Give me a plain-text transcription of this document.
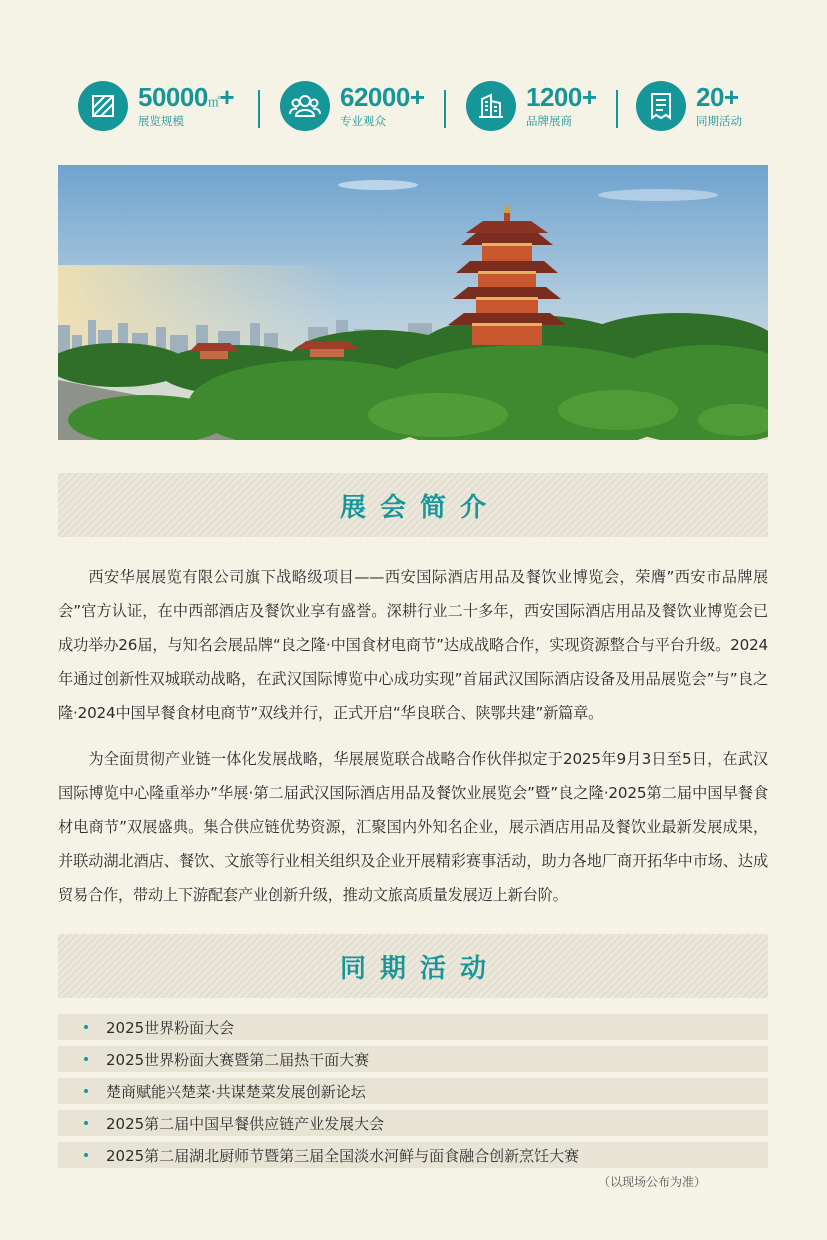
50000㎡+
展览规模
62000+
专业观众
1200+
品牌展商
20+
同期活动
展会简介

西安华展展览有限公司旗下战略级项目——西安国际酒店用品及餐饮业博览会，荣膺”西安市品牌展会”官方认证，在中西部酒店及餐饮业享有盛誉。深耕行业二十多年，西安国际酒店用品及餐饮业博览会已成功举办26届，与知名会展品牌“良之隆·中国食材电商节”达成战略合作，实现资源整合与平台升级。2024年通过创新性双城联动战略，在武汉国际博览中心成功实现”首届武汉国际酒店设备及用品展览会”与”良之隆·2024中国早餐食材电商节”双线并行，正式开启“华良联合、陕鄂共建”新篇章。

为全面贯彻产业链一体化发展战略，华展展览联合战略合作伙伴拟定于2025年9月3日至5日，在武汉国际博览中心隆重举办”华展·第二届武汉国际酒店用品及餐饮业展览会”暨”良之隆·2025第二届中国早餐食材电商节”双展盛典。集合供应链优势资源，汇聚国内外知名企业，展示酒店用品及餐饮业最新发展成果，并联动湖北酒店、餐饮、文旅等行业相关组织及企业开展精彩赛事活动，助力各地厂商开拓华中市场、达成贸易合作，带动上下游配套产业创新升级，推动文旅高质量发展迈上新台阶。

同期活动
2025世界粉面大会
2025世界粉面大赛暨第二届热干面大赛
楚商赋能兴楚菜·共谋楚菜发展创新论坛
2025第二届中国早餐供应链产业发展大会
2025第二届湖北厨师节暨第三届全国淡水河鲜与面食融合创新烹饪大赛
（以现场公布为准）
